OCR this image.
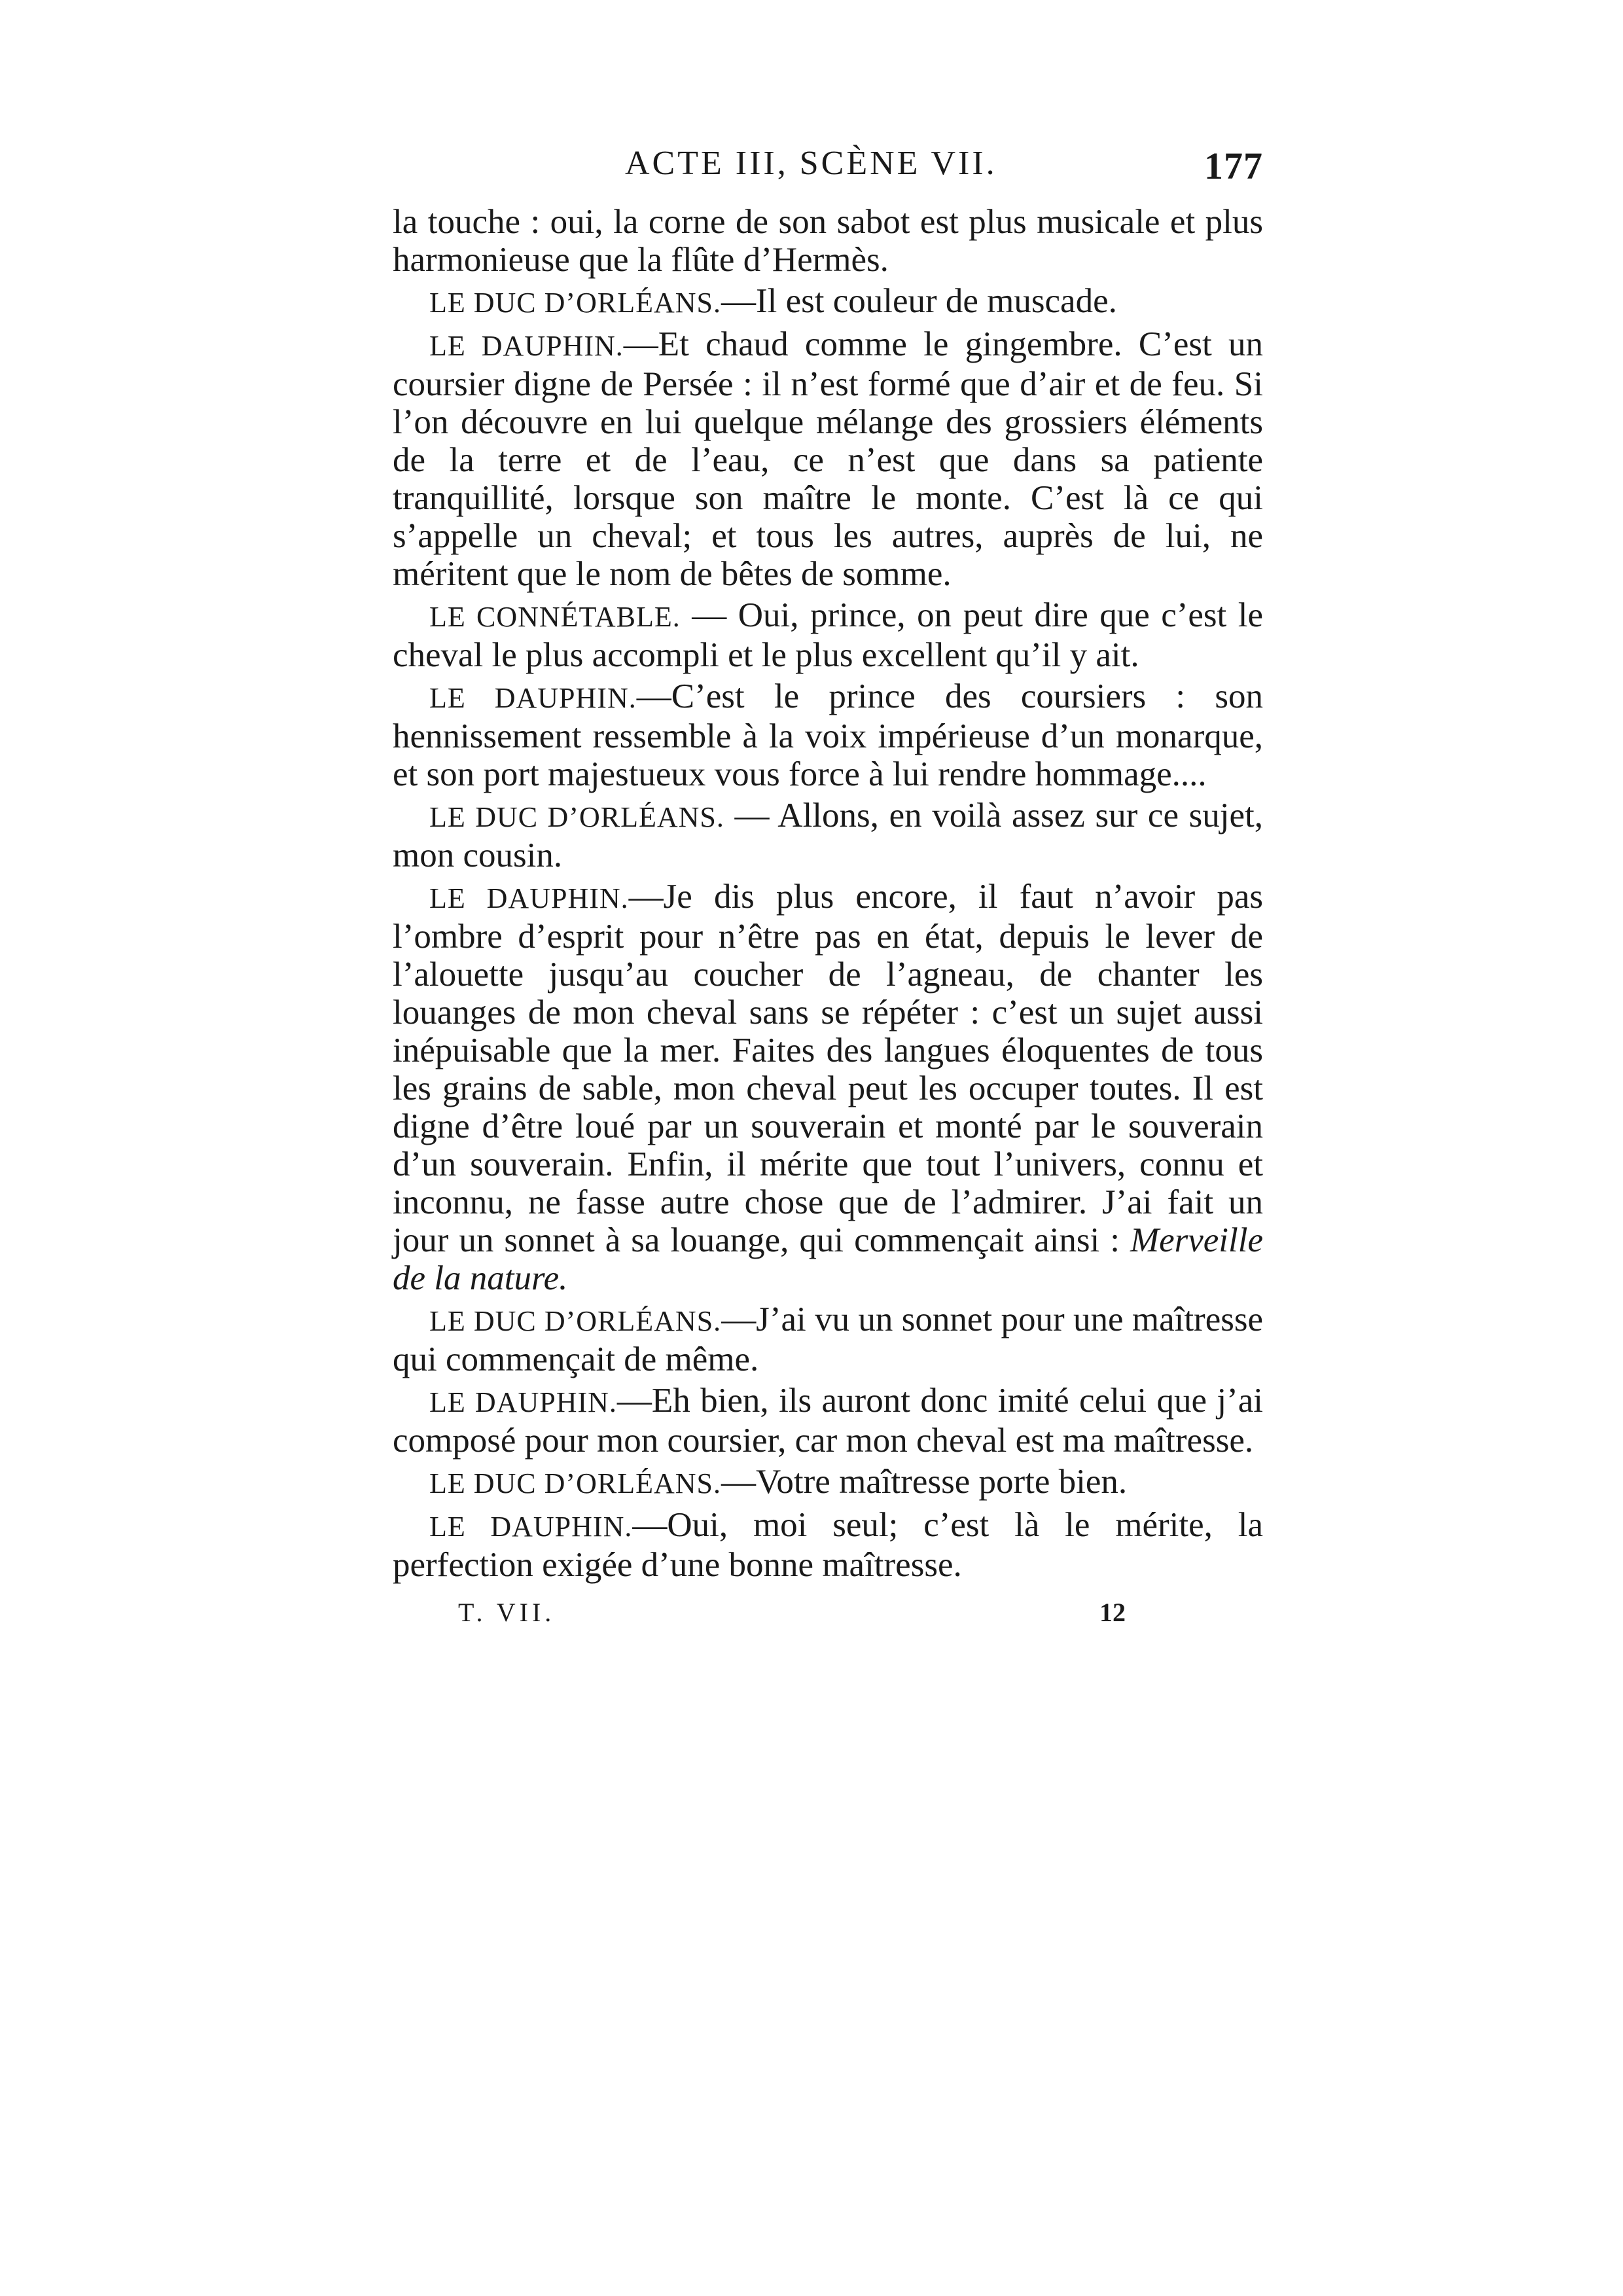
ACTE III, SCÈNE VII.	177

la touche : oui, la corne de son sabot est plus musicale et plus harmonieuse que la flûte d’Hermès.

LE DUC D’ORLÉANS.—Il est couleur de muscade.

LE DAUPHIN.—Et chaud comme le gingembre. C’est un coursier digne de Persée : il n’est formé que d’air et de feu. Si l’on découvre en lui quelque mélange des grossiers éléments de la terre et de l’eau, ce n’est que dans sa patiente tranquillité, lorsque son maître le monte. C’est là ce qui s’appelle un cheval; et tous les autres, auprès de lui, ne méritent que le nom de bêtes de somme.

LE CONNÉTABLE. — Oui, prince, on peut dire que c’est le cheval le plus accompli et le plus excellent qu’il y ait.

LE DAUPHIN.—C’est le prince des coursiers : son hennissement ressemble à la voix impérieuse d’un monarque, et son port majestueux vous force à lui rendre hommage....

LE DUC D’ORLÉANS. — Allons, en voilà assez sur ce sujet, mon cousin.

LE DAUPHIN.—Je dis plus encore, il faut n’avoir pas l’ombre d’esprit pour n’être pas en état, depuis le lever de l’alouette jusqu’au coucher de l’agneau, de chanter les louanges de mon cheval sans se répéter : c’est un sujet aussi inépuisable que la mer. Faites des langues éloquentes de tous les grains de sable, mon cheval peut les occuper toutes. Il est digne d’être loué par un souverain et monté par le souverain d’un souverain. Enfin, il mérite que tout l’univers, connu et inconnu, ne fasse autre chose que de l’admirer. J’ai fait un jour un sonnet à sa louange, qui commençait ainsi : Merveille de la nature.

LE DUC D’ORLÉANS.—J’ai vu un sonnet pour une maîtresse qui commençait de même.

LE DAUPHIN.—Eh bien, ils auront donc imité celui que j’ai composé pour mon coursier, car mon cheval est ma maîtresse.

LE DUC D’ORLÉANS.—Votre maîtresse porte bien.

LE DAUPHIN.—Oui, moi seul; c’est là le mérite, la perfection exigée d’une bonne maîtresse.

T. VII.	12
